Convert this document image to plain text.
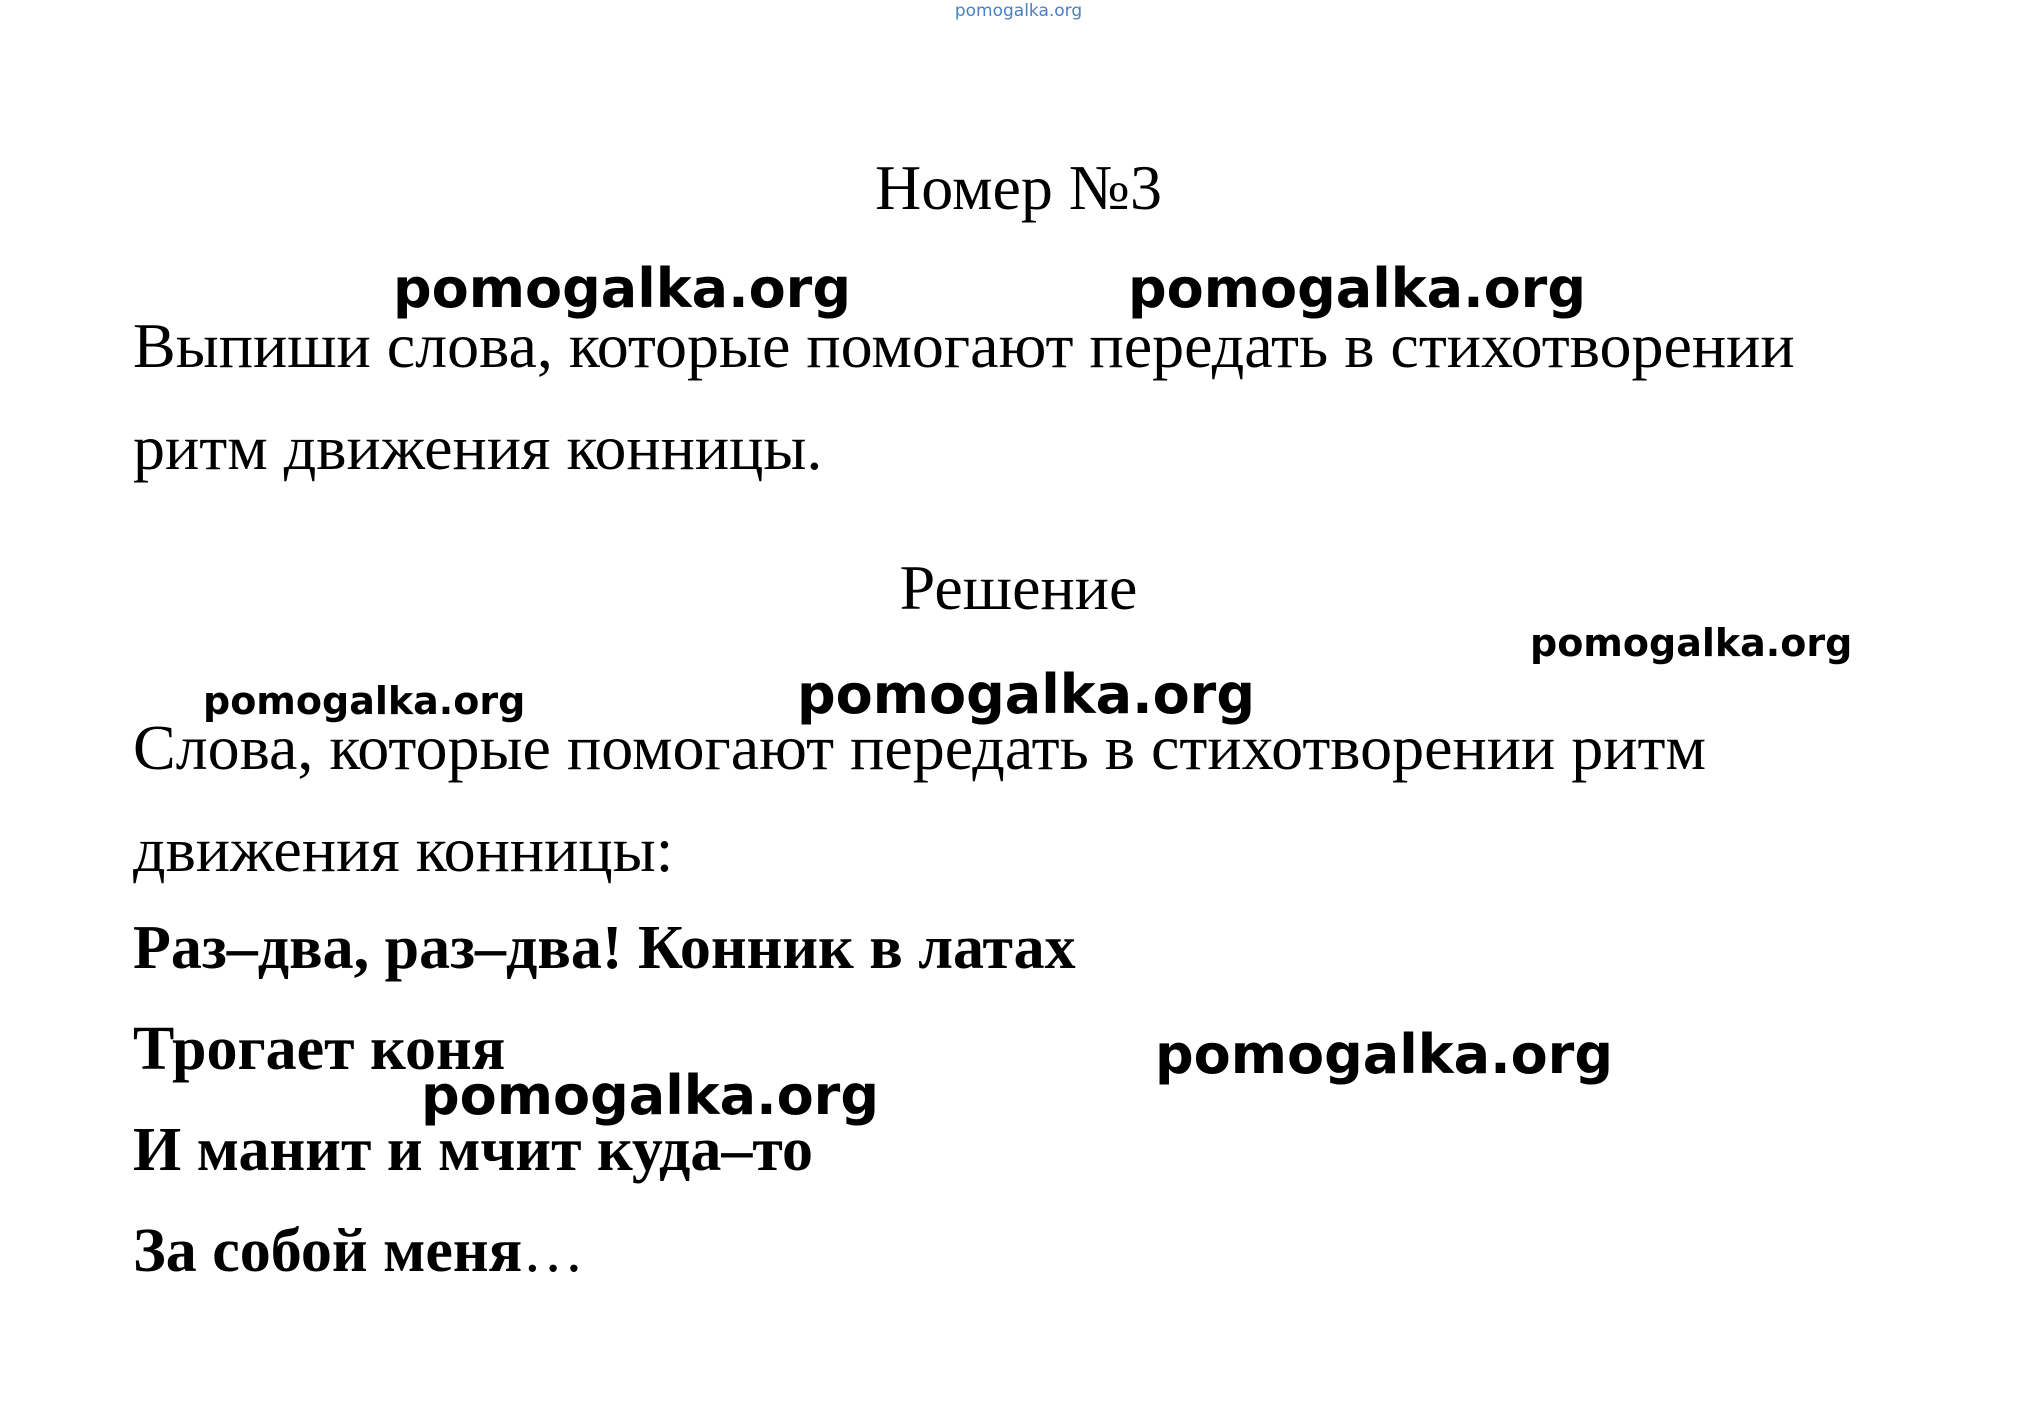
pomogalka.org
Номер №3
Выпиши слова, которые помогают передать в стихотворении
ритм движения конницы.
Решение
Слова, которые помогают передать в стихотворении ритм
движения конницы:
Раз–два, раз–два! Конник в латах
Трогает коня
И манит и мчит куда–то
За собой меня…
pomogalka.org	pomogalka.org
pomogalka.org
pomogalka.org	pomogalka.org
pomogalka.org
pomogalka.org
